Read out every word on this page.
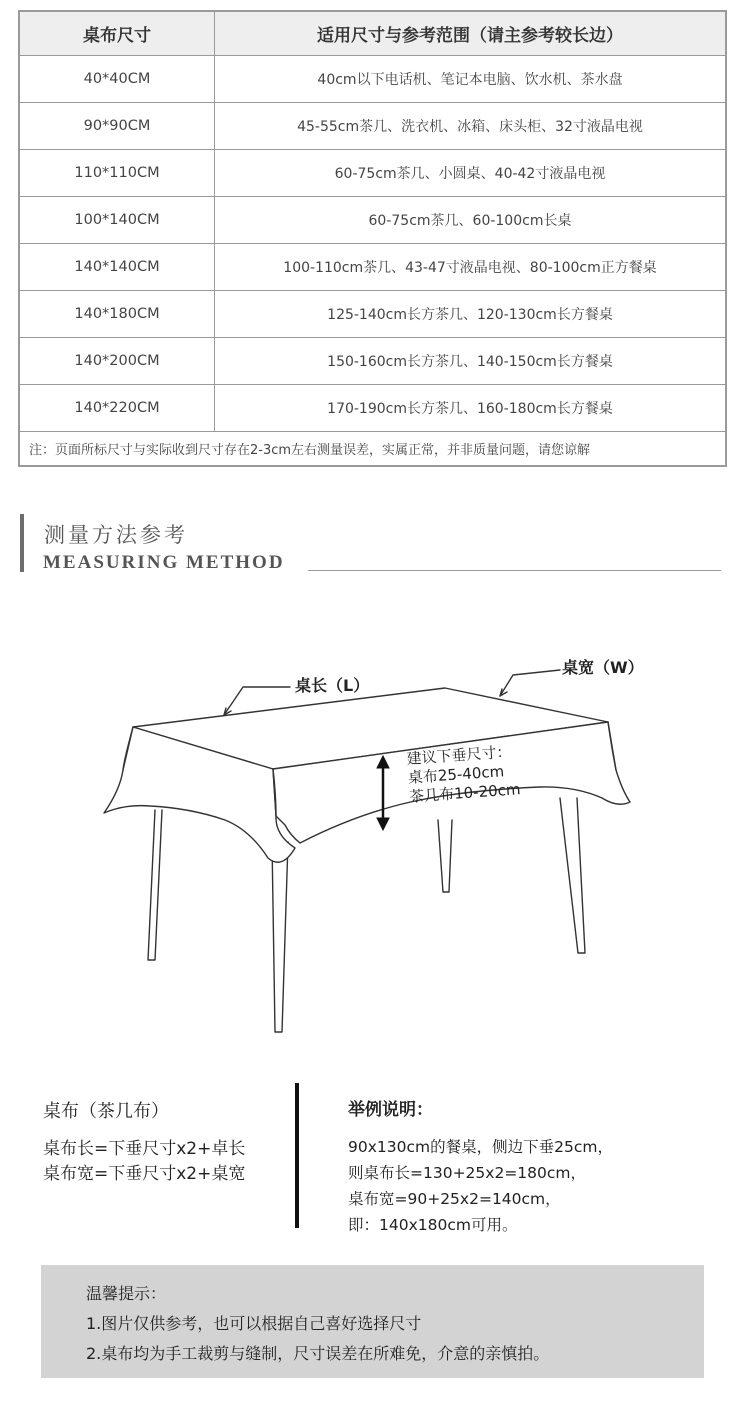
桌布尺寸	适用尺寸与参考范围（请主参考较长边）
40*40CM	40cm以下电话机、笔记本电脑、饮水机、茶水盘
90*90CM	45-55cm茶几、洗衣机、冰箱、床头柜、32寸液晶电视
110*110CM	60-75cm茶几、小圆桌、40-42寸液晶电视
100*140CM	60-75cm茶几、60-100cm长桌
140*140CM	100-110cm茶几、43-47寸液晶电视、80-100cm正方餐桌
140*180CM	125-140cm长方茶几、120-130cm长方餐桌
140*200CM	150-160cm长方茶几、140-150cm长方餐桌
140*220CM	170-190cm长方茶几、160-180cm长方餐桌
注：页面所标尺寸与实际收到尺寸存在2-3cm左右测量误差，实属正常，并非质量问题，请您谅解	
测量方法参考
MEASURING METHOD
桌长（L）
桌宽（W）
建议下垂尺寸：
桌布25-40cm
茶几布10-20cm
桌布（茶几布）
桌布长=下垂尺寸x2+卓长
桌布宽=下垂尺寸x2+桌宽
举例说明：
90x130cm的餐桌，侧边下垂25cm，
则桌布长=130+25x2=180cm，
桌布宽=90+25x2=140cm，
即：140x180cm可用。
温馨提示：
1.图片仅供参考，也可以根据自己喜好选择尺寸
2.桌布均为手工裁剪与缝制，尺寸误差在所难免，介意的亲慎拍。
